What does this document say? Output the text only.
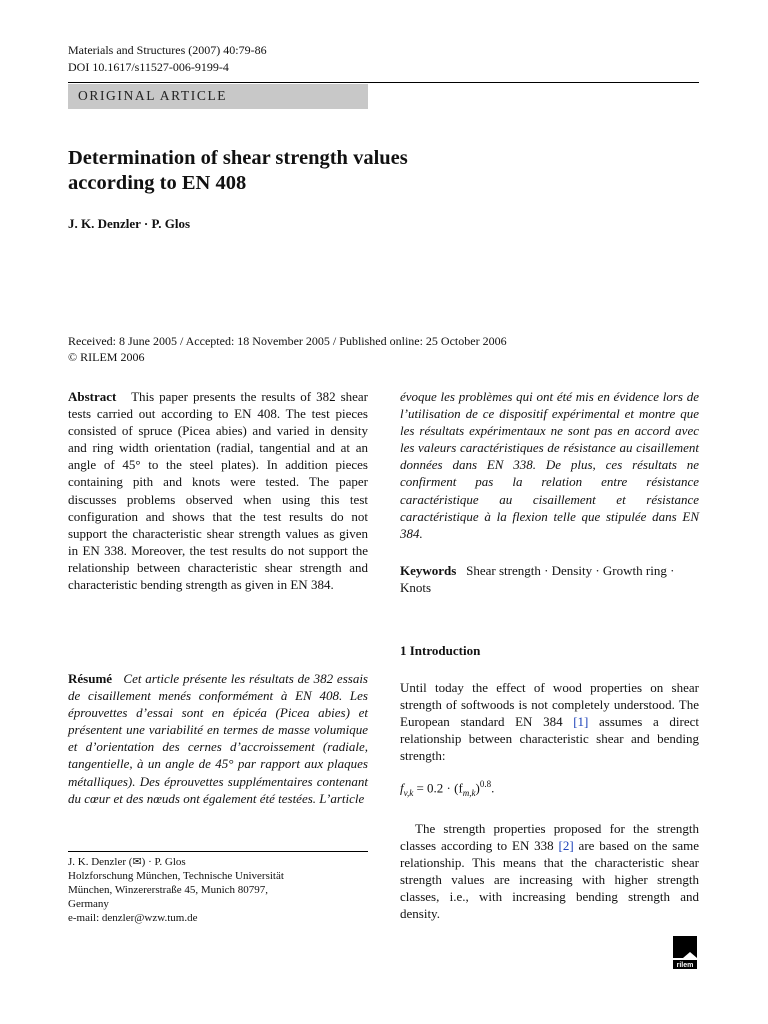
Materials and Structures (2007) 40:79-86
DOI 10.1617/s11527-006-9199-4
ORIGINAL ARTICLE
Determination of shear strength values
according to EN 408
J. K. Denzler · P. Glos
Received: 8 June 2005 / Accepted: 18 November 2005 / Published online: 25 October 2006
© RILEM 2006
Abstract This paper presents the results of 382 shear tests carried out according to EN 408. The test pieces consisted of spruce (Picea abies) and varied in density and ring width orientation (radial, tangential and at an angle of 45° to the steel plates). In addition pieces containing pith and knots were tested. The paper discusses problems observed when using this test configuration and shows that the test results do not support the characteristic shear strength values as given in EN 338. Moreover, the test results do not support the relationship between characteristic shear strength and characteristic bending strength as given in EN 384.
Résumé Cet article présente les résultats de 382 essais de cisaillement menés conformément à EN 408. Les éprouvettes d’essai sont en épicéa (Picea abies) et présentent une variabilité en termes de masse volumique et d’orientation des cernes d’accroissement (radiale, tangentielle, à un angle de 45° par rapport aux plaques métalliques). Des éprouvettes supplémentaires contenant du cœur et des nœuds ont également été testées. L’article
J. K. Denzler (✉) · P. Glos
Holzforschung München, Technische Universität
München, Winzererstraße 45, Munich 80797,
Germany
e-mail: denzler@wzw.tum.de
évoque les problèmes qui ont été mis en évidence lors de l’utilisation de ce dispositif expérimental et montre que les résultats expérimentaux ne sont pas en accord avec les valeurs caractéristiques de résistance au cisaillement données dans EN 338. De plus, ces résultats ne confirment pas la relation entre résistance caractéristique au cisaillement et résistance caractéristique à la flexion telle que stipulée dans EN 384.
Keywords Shear strength · Density · Growth ring · Knots
1 Introduction
Until today the effect of wood properties on shear strength of softwoods is not completely understood. The European standard EN 384 [1] assumes a direct relationship between characteristic shear and bending strength:
$f_{v,k} = 0.2 \cdot (f_{m,k})^{0.8}$.
The strength properties proposed for the strength classes according to EN 338 [2] are based on the same relationship. This means that the characteristic shear strength values are increasing with higher strength classes, i.e., with increasing bending strength and density.
rilem
